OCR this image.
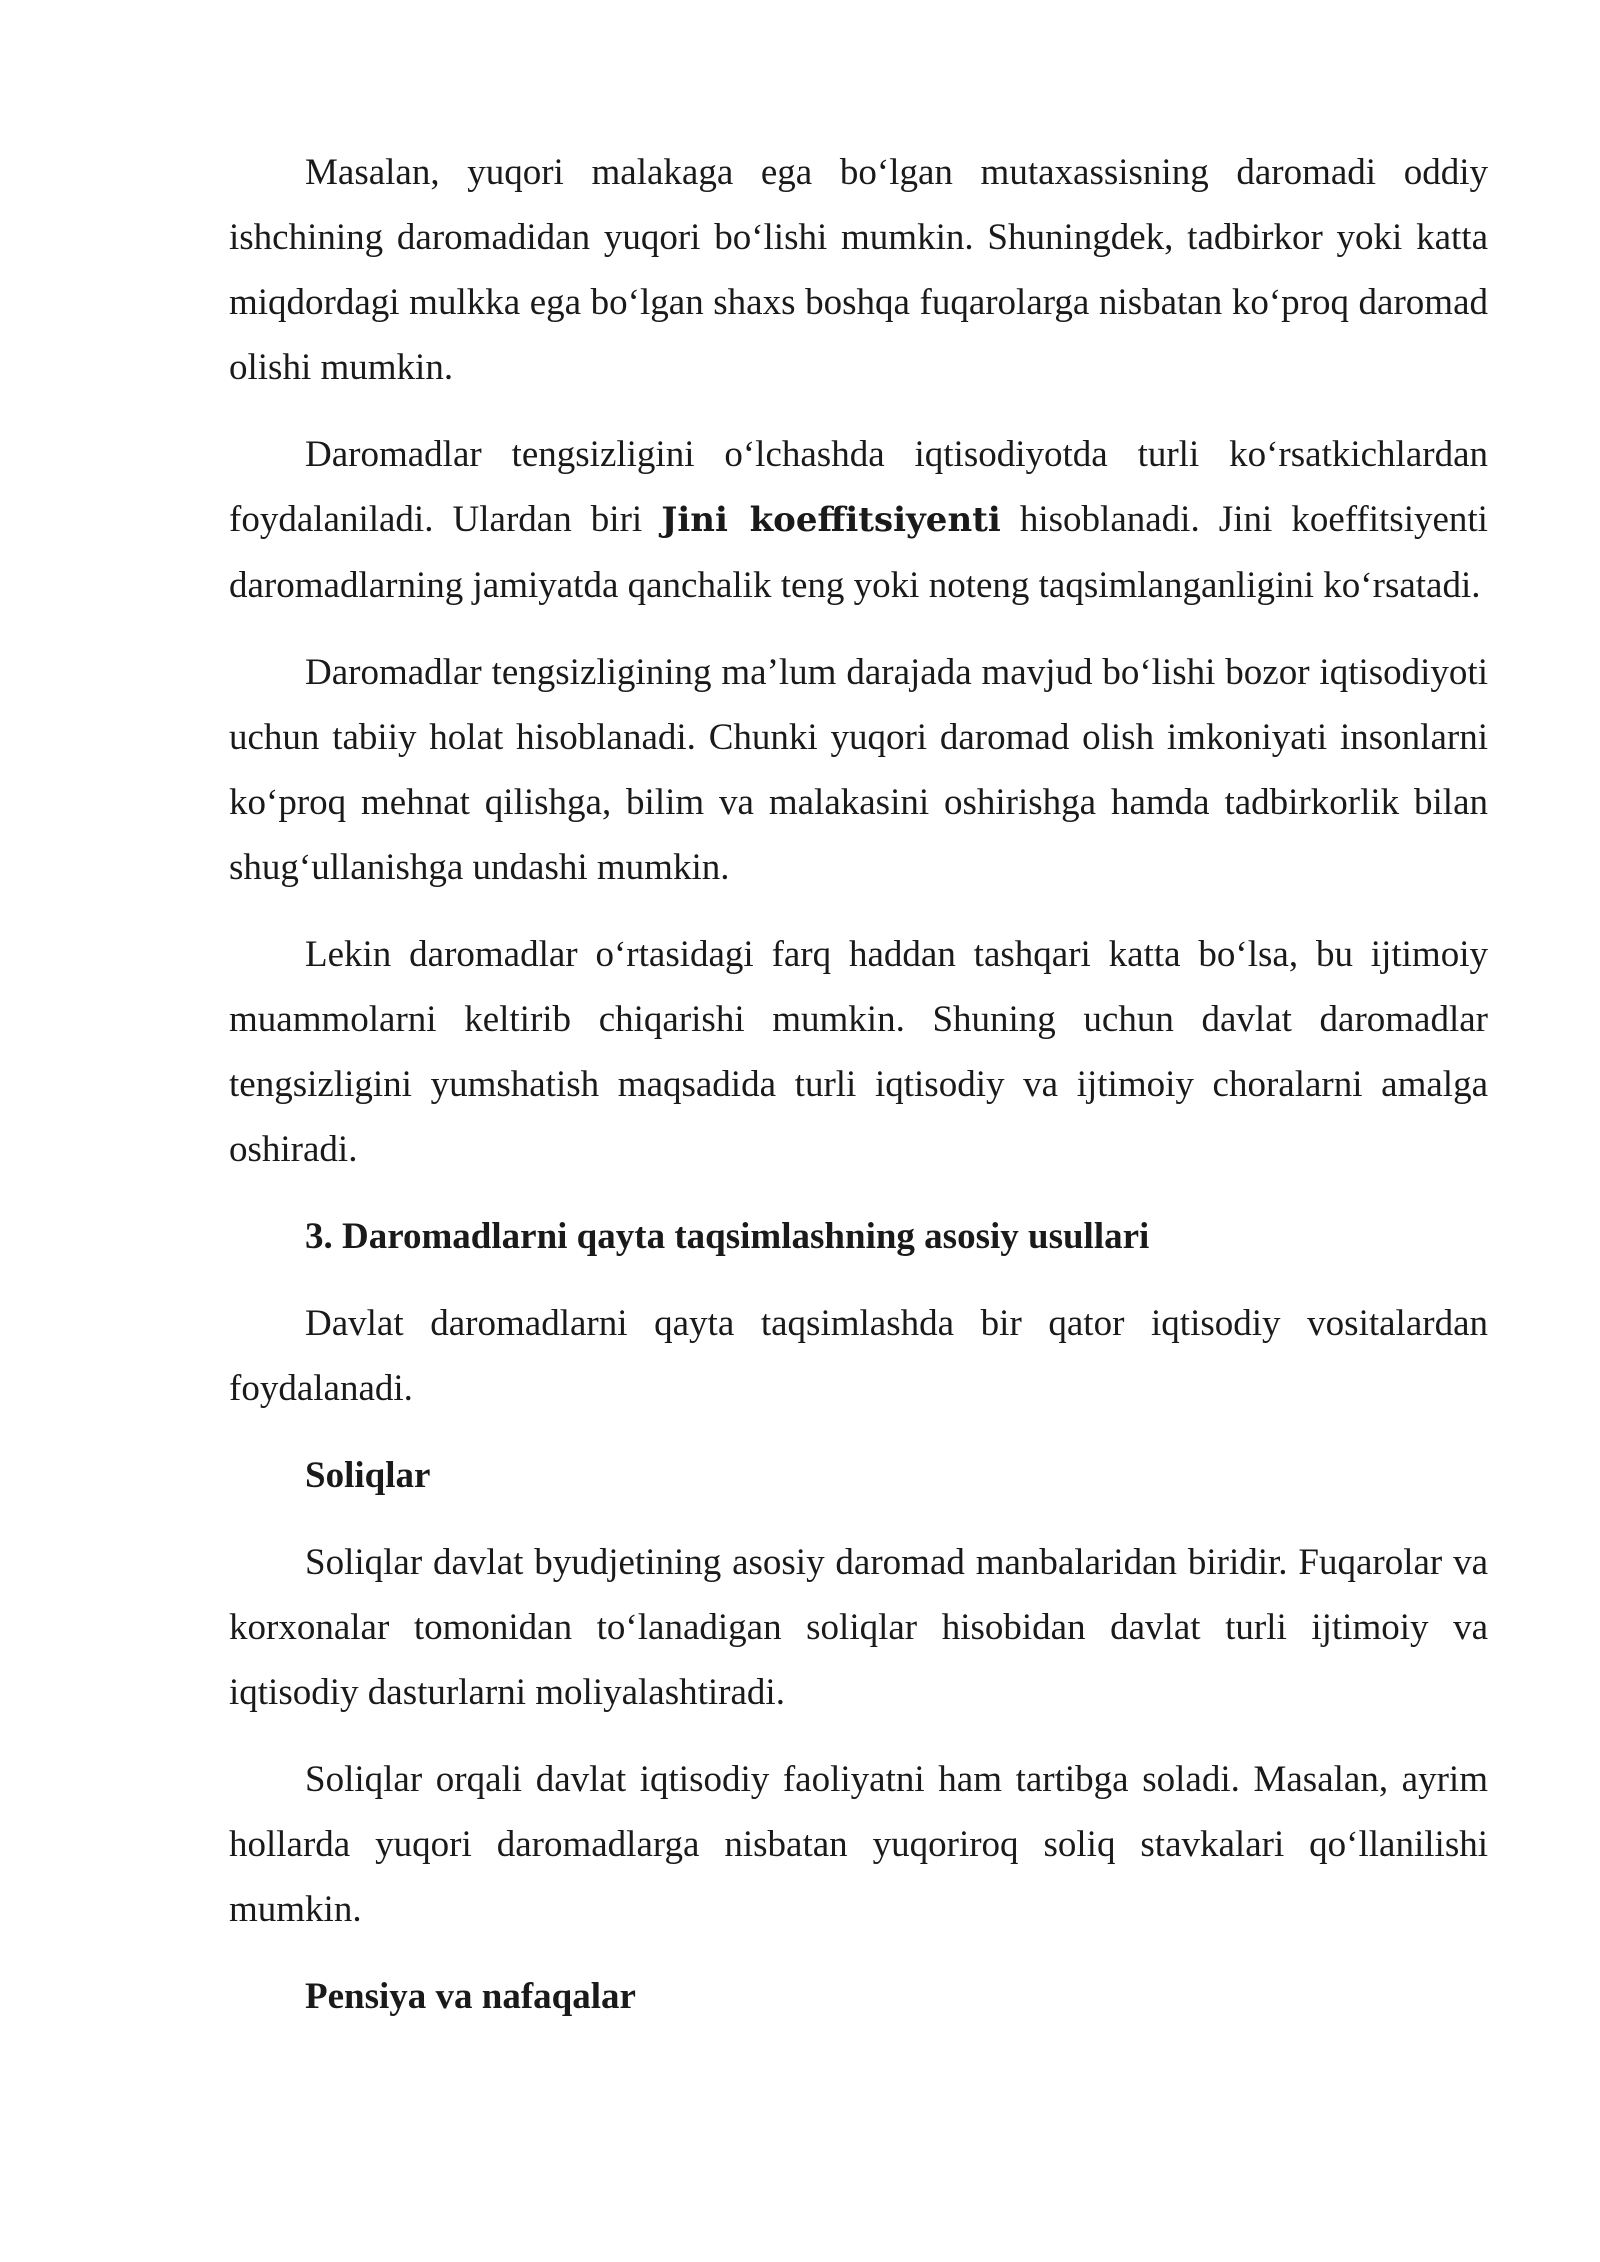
Masalan, yuqori malakaga ega bo‘lgan mutaxassisning daromadi oddiy ishchining daromadidan yuqori bo‘lishi mumkin. Shuningdek, tadbirkor yoki katta miqdordagi mulkka ega bo‘lgan shaxs boshqa fuqarolarga nisbatan ko‘proq daromad olishi mumkin.

Daromadlar tengsizligini o‘lchashda iqtisodiyotda turli ko‘rsatkichlardan foydalaniladi. Ulardan biri Jini koeffitsiyenti hisoblanadi. Jini koeffitsiyenti daromadlarning jamiyatda qanchalik teng yoki noteng taqsimlanganligini ko‘rsatadi.

Daromadlar tengsizligining ma’lum darajada mavjud bo‘lishi bozor iqtisodiyoti uchun tabiiy holat hisoblanadi. Chunki yuqori daromad olish imkoniyati insonlarni ko‘proq mehnat qilishga, bilim va malakasini oshirishga hamda tadbirkorlik bilan shug‘ullanishga undashi mumkin.

Lekin daromadlar o‘rtasidagi farq haddan tashqari katta bo‘lsa, bu ijtimoiy muammolarni keltirib chiqarishi mumkin. Shuning uchun davlat daromadlar tengsizligini yumshatish maqsadida turli iqtisodiy va ijtimoiy choralarni amalga oshiradi.

3. Daromadlarni qayta taqsimlashning asosiy usullari

Davlat daromadlarni qayta taqsimlashda bir qator iqtisodiy vositalardan foydalanadi.

Soliqlar

Soliqlar davlat byudjetining asosiy daromad manbalaridan biridir. Fuqarolar va korxonalar tomonidan to‘lanadigan soliqlar hisobidan davlat turli ijtimoiy va iqtisodiy dasturlarni moliyalashtiradi.

Soliqlar orqali davlat iqtisodiy faoliyatni ham tartibga soladi. Masalan, ayrim hollarda yuqori daromadlarga nisbatan yuqoriroq soliq stavkalari qo‘llanilishi mumkin.

Pensiya va nafaqalar
